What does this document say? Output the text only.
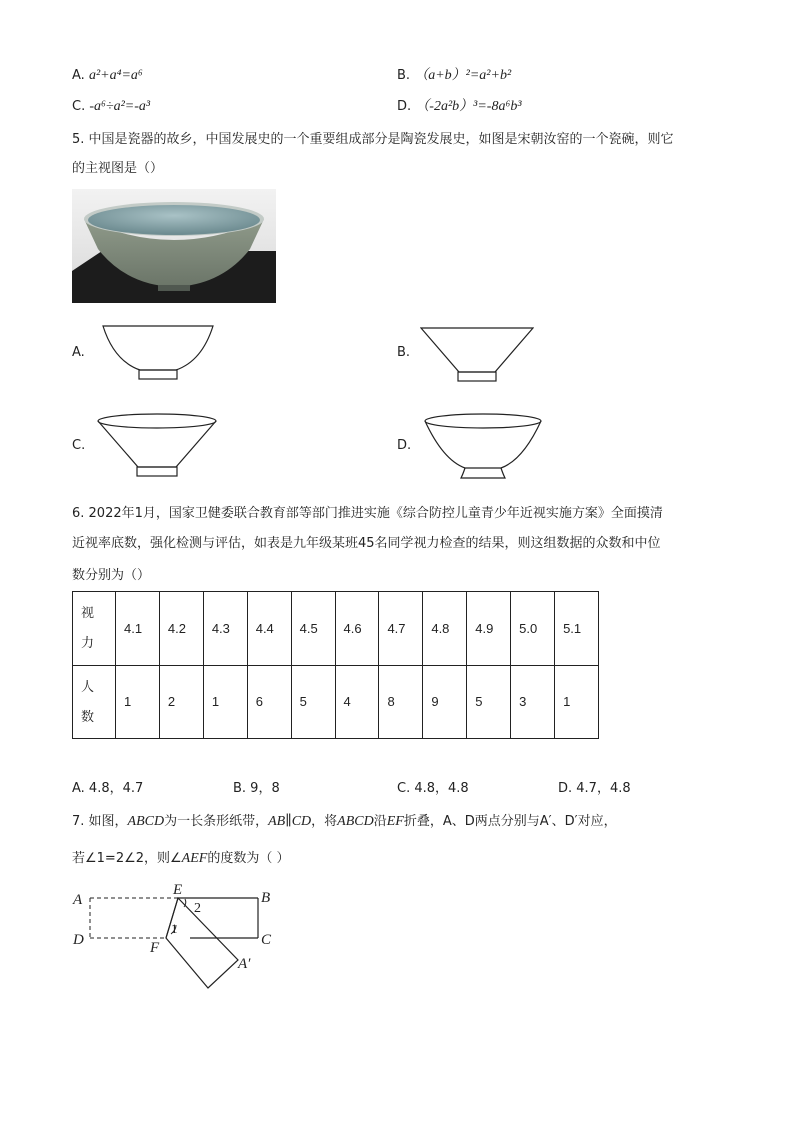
A. a²+a⁴=a⁶	B. （a+b）²=a²+b²
C. -a⁶÷a²=-a³	D. （-2a²b）³=-8a⁶b³
5. 中国是瓷器的故乡，中国发展史的一个重要组成部分是陶瓷发展史，如图是宋朝汝窑的一个瓷碗，则它
的主视图是（）
A.	B.
C.	D.
6. 2022年1月，国家卫健委联合教育部等部门推进实施《综合防控儿童青少年近视实施方案》全面摸清
近视率底数，强化检测与评估，如表是九年级某班45名同学视力检查的结果，则这组数据的众数和中位
数分别为（）
视
力	4.1	4.2	4.3	4.4	4.5	4.6	4.7	4.8	4.9	5.0	5.1

人
数	1	2	1	6	5	4	8	9	5	3	1
A. 4.8，4.7	B. 9，8	C. 4.8，4.8	D. 4.7，4.8
7. 如图，ABCD为一长条形纸带，AB∥CD，将ABCD沿EF折叠，A、D两点分别与A′、D′对应，
若∠1=2∠2，则∠AEF的度数为（ ）
A	B
C
D
E
F
A′
1
2
